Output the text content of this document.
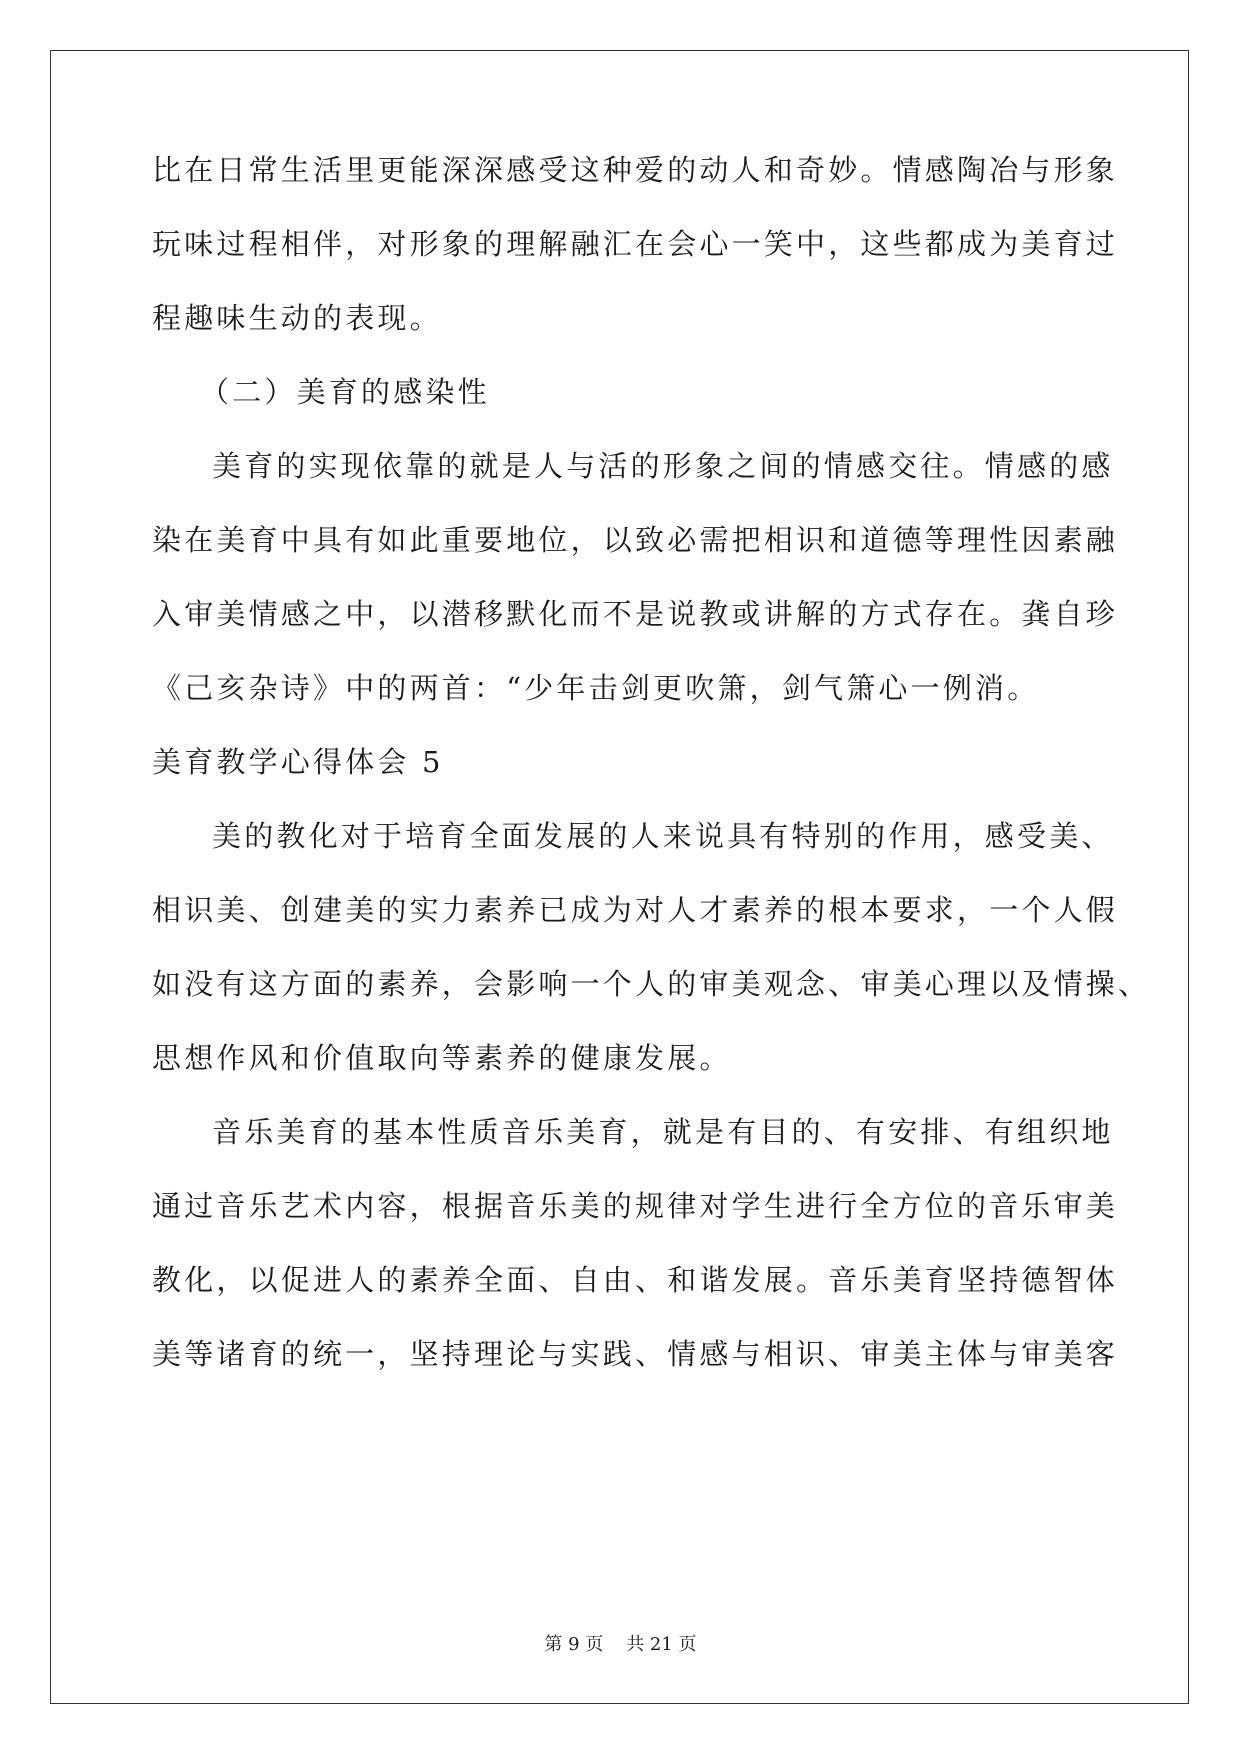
比在日常生活里更能深深感受这种爱的动人和奇妙。情感陶冶与形象
玩味过程相伴，对形象的理解融汇在会心一笑中，这些都成为美育过
程趣味生动的表现。
（二）美育的感染性
美育的实现依靠的就是人与活的形象之间的情感交往。情感的感
染在美育中具有如此重要地位，以致必需把相识和道德等理性因素融
入审美情感之中，以潜移默化而不是说教或讲解的方式存在。龚自珍
《己亥杂诗》中的两首：“少年击剑更吹箫，剑气箫心一例消。
美育教学心得体会 5
美的教化对于培育全面发展的人来说具有特别的作用，感受美、
相识美、创建美的实力素养已成为对人才素养的根本要求，一个人假
如没有这方面的素养，会影响一个人的审美观念、审美心理以及情操、
思想作风和价值取向等素养的健康发展。
音乐美育的基本性质音乐美育，就是有目的、有安排、有组织地
通过音乐艺术内容，根据音乐美的规律对学生进行全方位的音乐审美
教化，以促进人的素养全面、自由、和谐发展。音乐美育坚持德智体
美等诸育的统一，坚持理论与实践、情感与相识、审美主体与审美客
第 9 页    共 21 页
